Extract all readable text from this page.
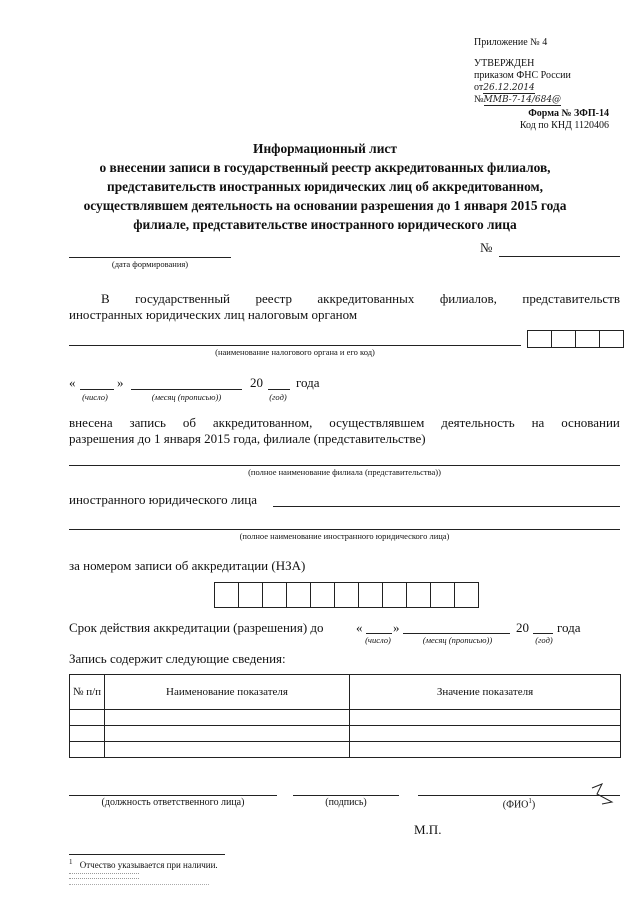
Приложение № 4
УТВЕРЖДЕН
приказом ФНС России
от26.12.2014
№ММВ-7-14/684@
Форма № ЗФП-14
Код по КНД 1120406
Информационный лист
о внесении записи в государственный реестр аккредитованных филиалов,
представительств иностранных юридических лиц об аккредитованном,
осуществлявшем деятельность на основании разрешения до 1 января 2015 года
филиале, представительстве иностранного юридического лица
(дата формирования)
№
В государственный реестр аккредитованных филиалов, представительств
иностранных юридических лиц налоговым органом
(наименование налогового органа и его код)
«	»	20	года
(число)	(месяц (прописью))	(год)
внесена запись об аккредитованном, осуществлявшем деятельность на основании
разрешения до 1 января 2015 года, филиале (представительстве)
(полное наименование филиала (представительства))
иностранного юридического лица
(полное наименование иностранного юридического лица)
за номером записи об аккредитации (НЗА)
Срок действия аккредитации (разрешения) до « »	20 года
(число)	(месяц (прописью))	(год)
Запись содержит следующие сведения:
№ п/п	Наименование показателя	Значение показателя

(должность ответственного лица)	(подпись)	(ФИО$^1$)
М.П.
$^1$ Отчество указывается при наличии.
